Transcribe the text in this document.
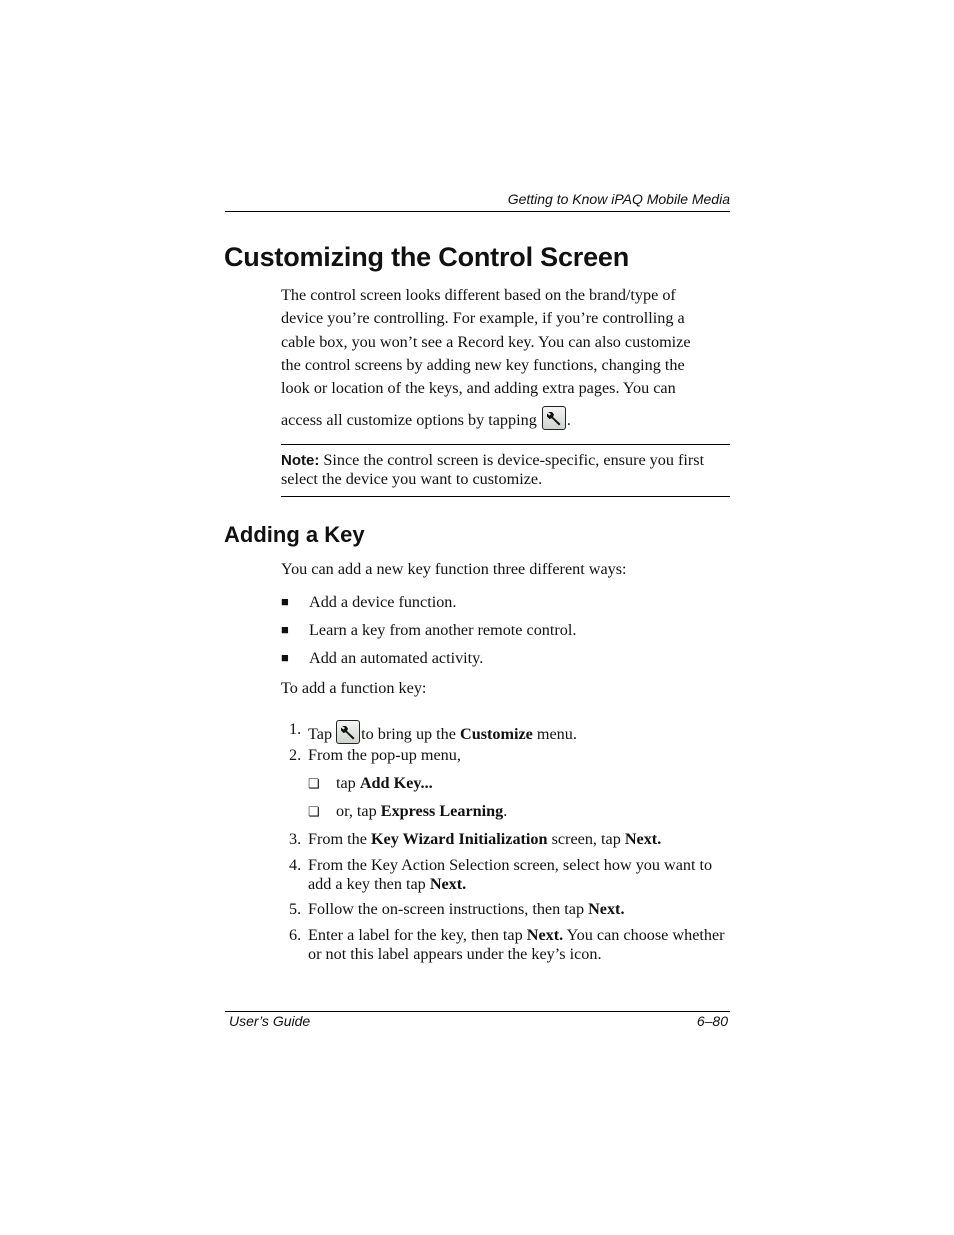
Getting to Know iPAQ Mobile Media
Customizing the Control Screen
The control screen looks different based on the brand/type of
device you’re controlling. For example, if you’re controlling a
cable box, you won’t see a Record key. You can also customize
the control screens by adding new key functions, changing the
look or location of the keys, and adding extra pages. You can
access all customize options by tapping .
Note: Since the control screen is device-specific, ensure you first select the device you want to customize.
Adding a Key
You can add a new key function three different ways:
■ Add a device function.
■ Learn a key from another remote control.
■ Add an automated activity.
To add a function key:
1. Tap
to bring up the Customize menu.
2. From the pop-up menu,
❏ tap Add Key...
❏ or, tap Express Learning.
3. From the Key Wizard Initialization screen, tap Next.
4. From the Key Action Selection screen, select how you want to add a key then tap Next.
5. Follow the on-screen instructions, then tap Next.
6. Enter a label for the key, then tap Next. You can choose whether or not this label appears under the key’s icon.
User’s Guide	6–80
